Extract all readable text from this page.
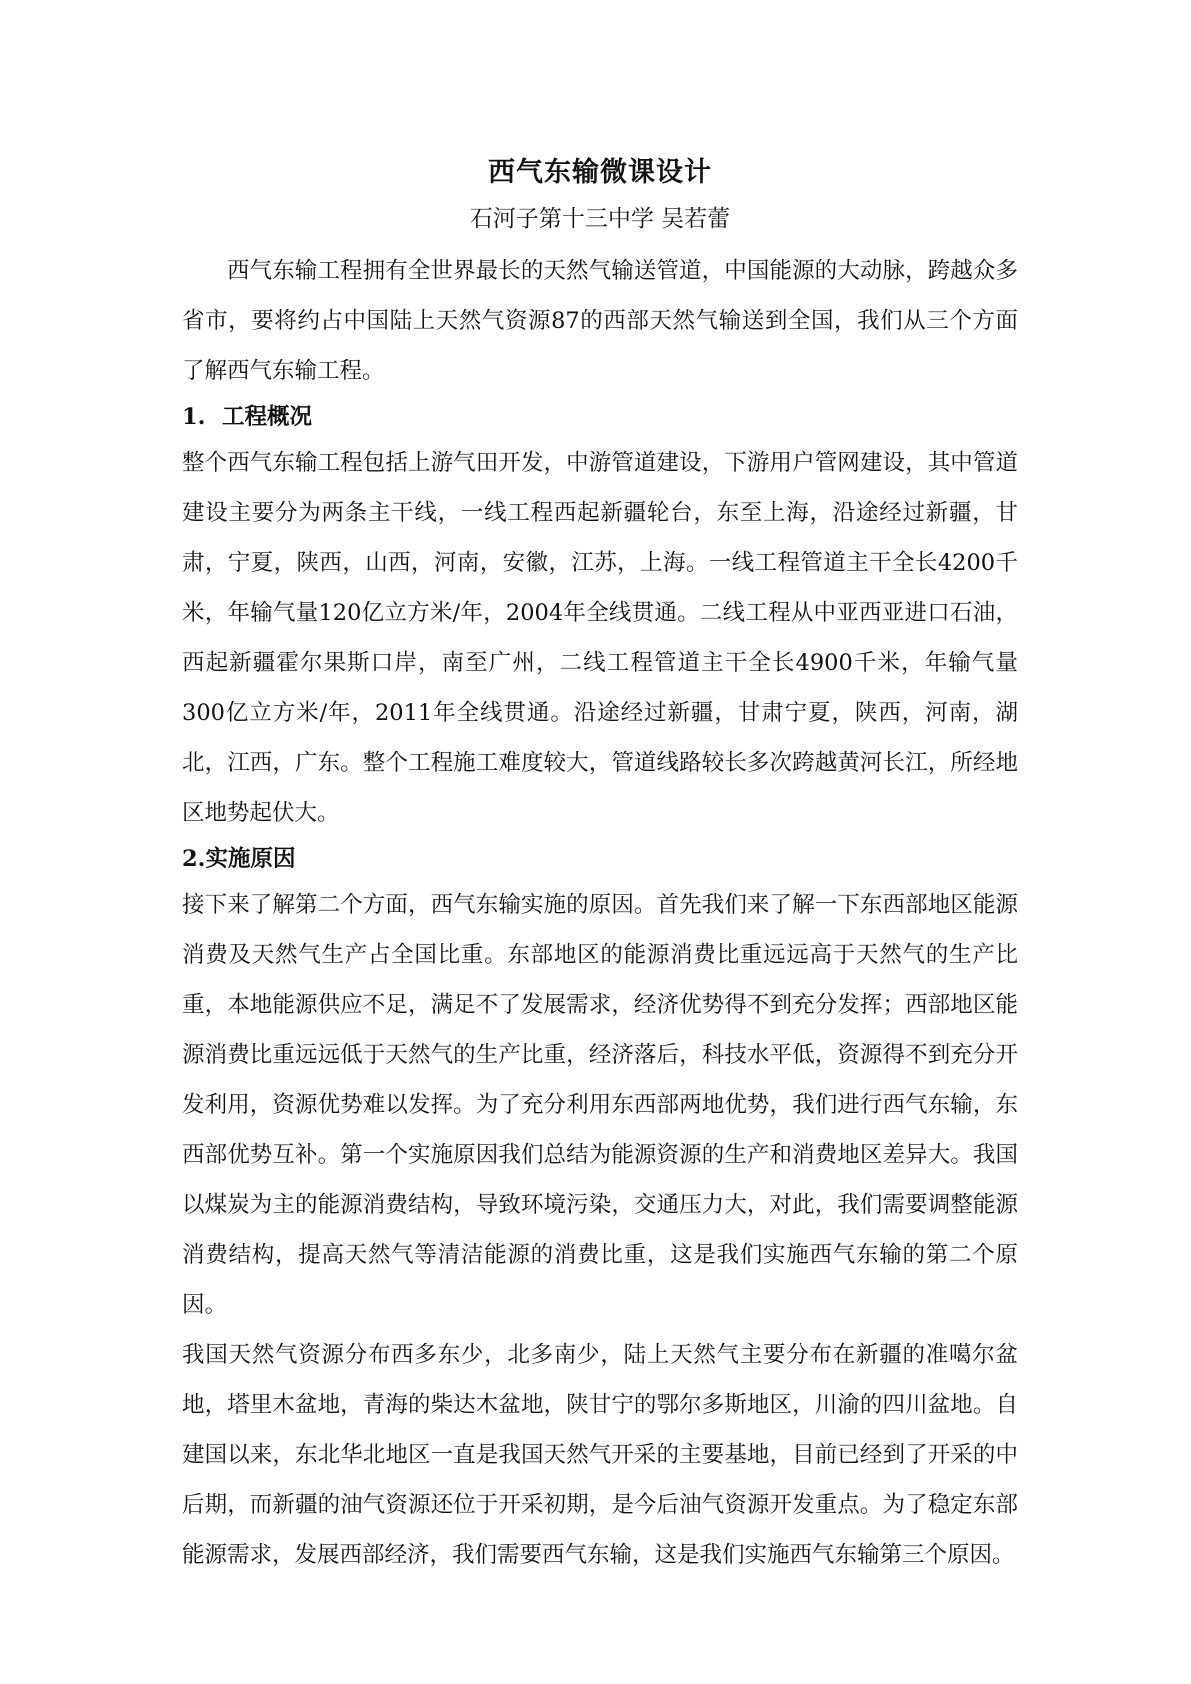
西气东输微课设计
石河子第十三中学 吴若蕾

西气东输工程拥有全世界最长的天然气输送管道，中国能源的大动脉，跨越众多省市，要将约占中国陆上天然气资源87的西部天然气输送到全国，我们从三个方面了解西气东输工程。

1. 工程概况

整个西气东输工程包括上游气田开发，中游管道建设，下游用户管网建设，其中管道建设主要分为两条主干线，一线工程西起新疆轮台，东至上海，沿途经过新疆，甘肃，宁夏，陕西，山西，河南，安徽，江苏，上海。一线工程管道主干全长4200千米，年输气量120亿立方米/年，2004年全线贯通。二线工程从中亚西亚进口石油，西起新疆霍尔果斯口岸，南至广州，二线工程管道主干全长4900千米，年输气量300亿立方米/年，2011年全线贯通。沿途经过新疆，甘肃宁夏，陕西，河南，湖北，江西，广东。整个工程施工难度较大，管道线路较长多次跨越黄河长江，所经地区地势起伏大。

2.实施原因

接下来了解第二个方面，西气东输实施的原因。首先我们来了解一下东西部地区能源消费及天然气生产占全国比重。东部地区的能源消费比重远远高于天然气的生产比重，本地能源供应不足，满足不了发展需求，经济优势得不到充分发挥；西部地区能源消费比重远远低于天然气的生产比重，经济落后，科技水平低，资源得不到充分开发利用，资源优势难以发挥。为了充分利用东西部两地优势，我们进行西气东输，东西部优势互补。第一个实施原因我们总结为能源资源的生产和消费地区差异大。我国以煤炭为主的能源消费结构，导致环境污染，交通压力大，对此，我们需要调整能源消费结构，提高天然气等清洁能源的消费比重，这是我们实施西气东输的第二个原因。

我国天然气资源分布西多东少，北多南少，陆上天然气主要分布在新疆的准噶尔盆地，塔里木盆地，青海的柴达木盆地，陕甘宁的鄂尔多斯地区，川渝的四川盆地。自建国以来，东北华北地区一直是我国天然气开采的主要基地，目前已经到了开采的中后期，而新疆的油气资源还位于开采初期，是今后油气资源开发重点。为了稳定东部能源需求，发展西部经济，我们需要西气东输，这是我们实施西气东输第三个原因。
